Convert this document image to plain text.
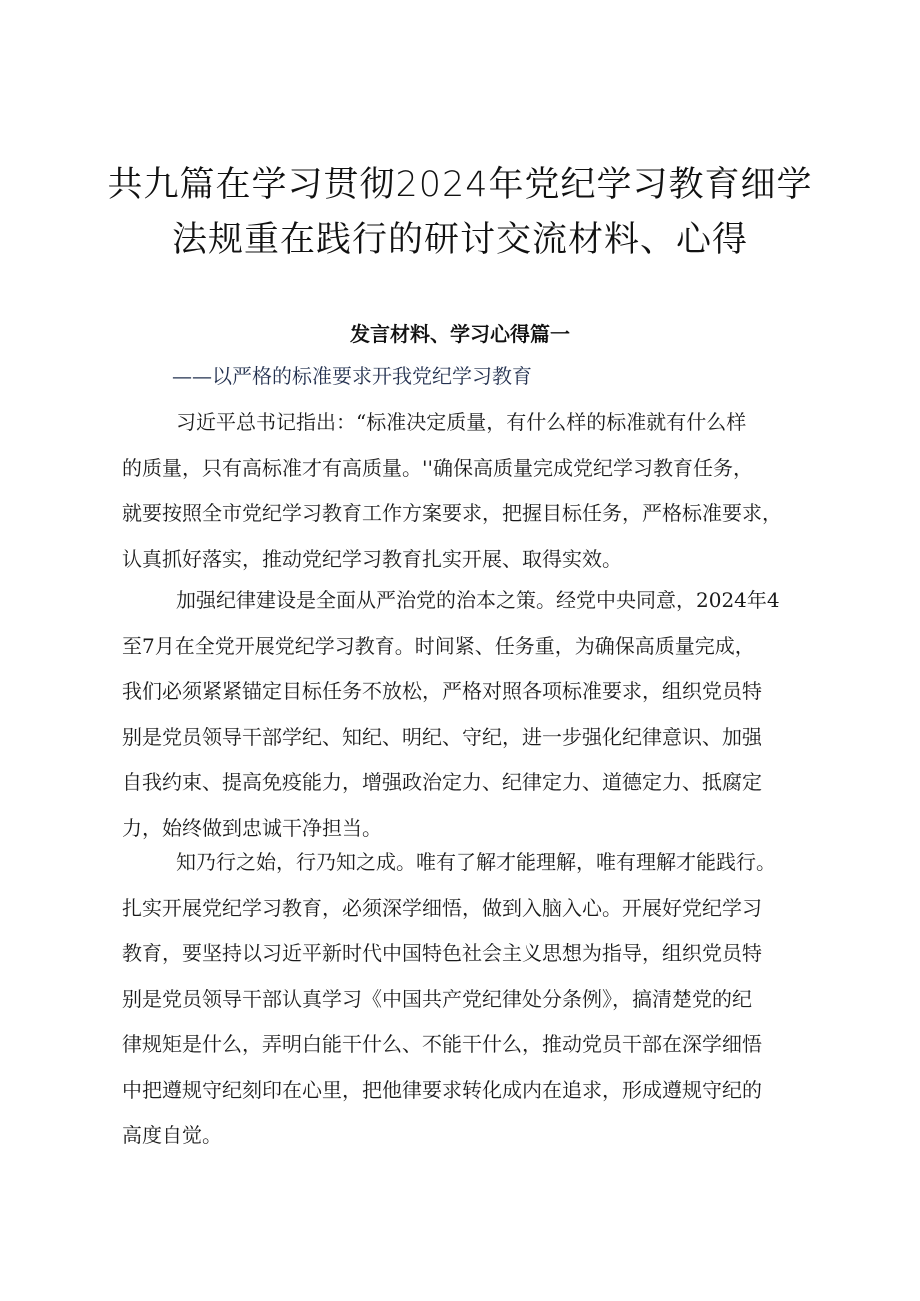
共九篇在学习贯彻2024年党纪学习教育细学
法规重在践行的研讨交流材料、心得
发言材料、学习心得篇一
——以严格的标准要求开我党纪学习教育
习近平总书记指出：“标准决定质量，有什么样的标准就有什么样
的质量，只有高标准才有高质量。''确保高质量完成党纪学习教育任务，
就要按照全市党纪学习教育工作方案要求，把握目标任务，严格标准要求，
认真抓好落实，推动党纪学习教育扎实开展、取得实效。
加强纪律建设是全面从严治党的治本之策。经党中央同意，2024年4
至7月在全党开展党纪学习教育。时间紧、任务重，为确保高质量完成，
我们必须紧紧锚定目标任务不放松，严格对照各项标准要求，组织党员特
别是党员领导干部学纪、知纪、明纪、守纪，进一步强化纪律意识、加强
自我约束、提高免疫能力，增强政治定力、纪律定力、道德定力、抵腐定
力，始终做到忠诚干净担当。
知乃行之始，行乃知之成。唯有了解才能理解，唯有理解才能践行。
扎实开展党纪学习教育，必须深学细悟，做到入脑入心。开展好党纪学习
教育，要坚持以习近平新时代中国特色社会主义思想为指导，组织党员特
别是党员领导干部认真学习《中国共产党纪律处分条例》，搞清楚党的纪
律规矩是什么，弄明白能干什么、不能干什么，推动党员干部在深学细悟
中把遵规守纪刻印在心里，把他律要求转化成内在追求，形成遵规守纪的
高度自觉。
